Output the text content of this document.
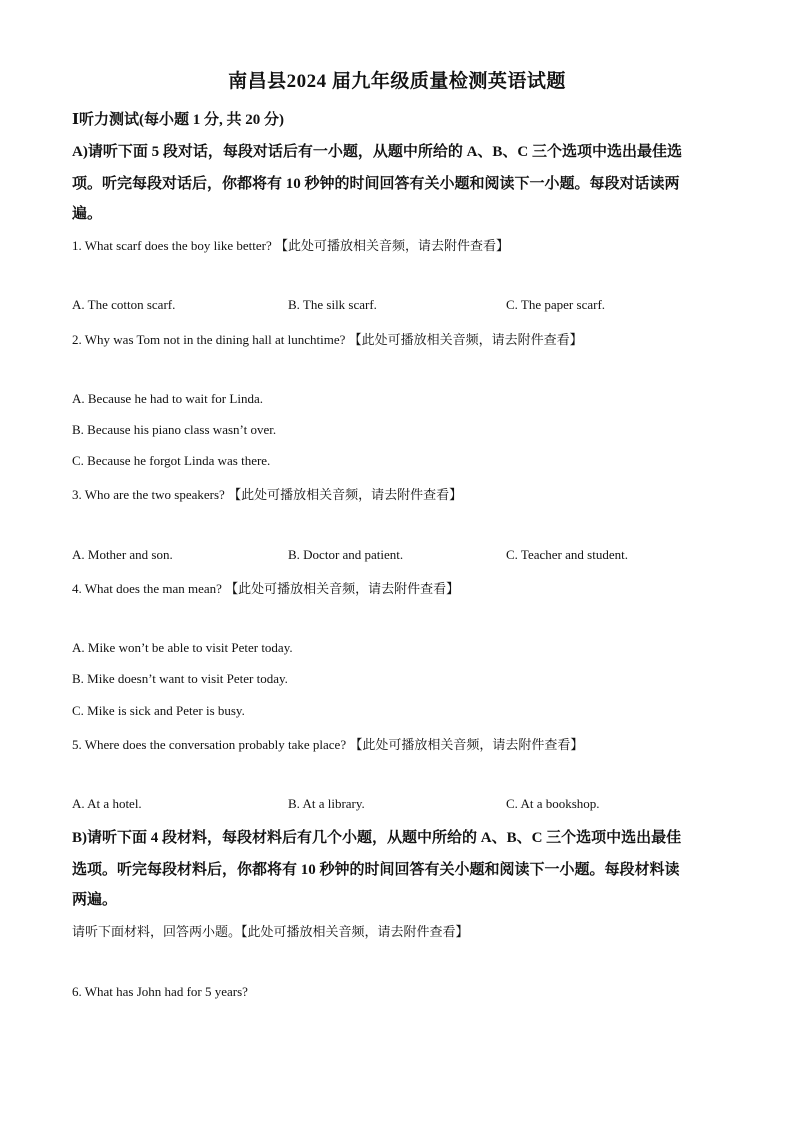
南昌县2024 届九年级质量检测英语试题
Ⅰ听力测试(每小题 1 分, 共 20 分)
A)请听下面 5 段对话，每段对话后有一小题，从题中所给的 A、B、C 三个选项中选出最佳选
项。听完每段对话后，你都将有 10 秒钟的时间回答有关小题和阅读下一小题。每段对话读两
遍。
1. What scarf does the boy like better? 【此处可播放相关音频，请去附件查看】
A. The cotton scarf.	B. The silk scarf.	C. The paper scarf.
2. Why was Tom not in the dining hall at lunchtime? 【此处可播放相关音频，请去附件查看】
A. Because he had to wait for Linda.
B. Because his piano class wasn’t over.
C. Because he forgot Linda was there.
3. Who are the two speakers? 【此处可播放相关音频，请去附件查看】
A. Mother and son.	B. Doctor and patient.	C. Teacher and student.
4. What does the man mean? 【此处可播放相关音频，请去附件查看】
A. Mike won’t be able to visit Peter today.
B. Mike doesn’t want to visit Peter today.
C. Mike is sick and Peter is busy.
5. Where does the conversation probably take place? 【此处可播放相关音频，请去附件查看】
A. At a hotel.	B. At a library.	C. At a bookshop.
B)请听下面 4 段材料，每段材料后有几个小题，从题中所给的 A、B、C 三个选项中选出最佳
选项。听完每段材料后，你都将有 10 秒钟的时间回答有关小题和阅读下一小题。每段材料读
两遍。
请听下面材料，回答两小题。【此处可播放相关音频，请去附件查看】
6. What has John had for 5 years?
